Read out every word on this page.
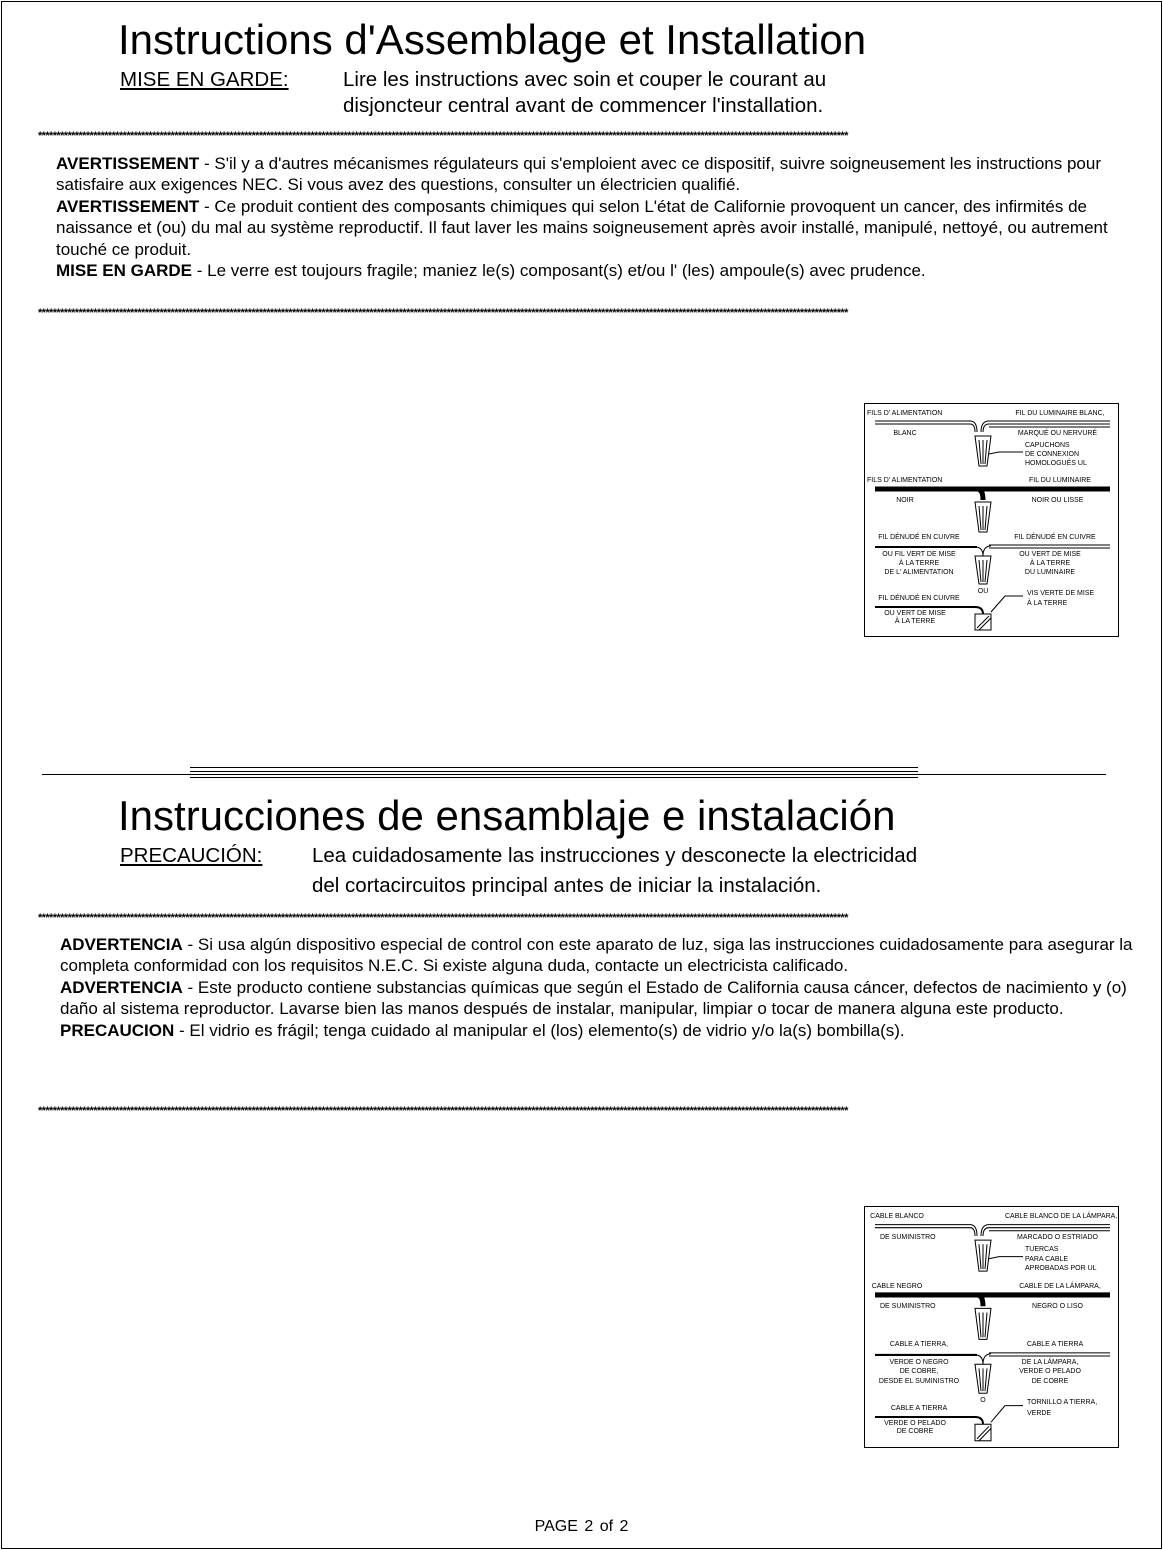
Instructions d'Assemblage et Installation
MISE EN GARDE:	Lire les instructions avec soin et couper le courant au
disjoncteur central avant de commencer l'installation.
****************************************************************************************************************************************************************************************************************************

AVERTISSEMENT - S'il y a d'autres mécanismes régulateurs qui s'emploient avec ce dispositif, suivre soigneusement les instructions pour satisfaire aux exigences NEC. Si vous avez des questions, consulter un électricien qualifié.

AVERTISSEMENT - Ce produit contient des composants chimiques qui selon L'état de Californie provoquent un cancer, des infirmités de naissance et (ou) du mal au système reproductif. Il faut laver les mains soigneusement après avoir installé, manipulé, nettoyé, ou autrement touché ce produit.

MISE EN GARDE - Le verre est toujours fragile; maniez le(s) composant(s) et/ou l' (les) ampoule(s) avec prudence.

****************************************************************************************************************************************************************************************************************************
FILS D' ALIMENTATION	FIL DU LUMINAIRE BLANC,
BLANC	MARQUÉ OU NERVURÉ
CAPUCHONS
DE CONNEXION
HOMOLOGUÉS UL
FILS D' ALIMENTATION	FIL DU LUMINAIRE
NOIR	NOIR OU LISSE
FIL DÉNUDÉ EN CUIVRE	FIL DÉNUDÉ EN CUIVRE
OU FIL VERT DE MISE
À LA TERRE
DE L' ALIMENTATION
OU VERT DE MISE
À LA TERRE
DU LUMINAIRE
OU
FIL DÉNUDÉ EN CUIVRE
OU VERT DE MISE
À LA TERRE
VIS VERTE DE MISE
À LA TERRE
Instrucciones de ensamblaje e instalación
PRECAUCIÓN: Lea cuidadosamente las instrucciones y desconecte la electricidad
del cortacircuitos principal antes de iniciar la instalación.
****************************************************************************************************************************************************************************************************************************

ADVERTENCIA - Si usa algún dispositivo especial de control con este aparato de luz, siga las instrucciones cuidadosamente para asegurar la completa conformidad con los requisitos N.E.C. Si existe alguna duda, contacte un electricista calificado.

ADVERTENCIA - Este producto contiene substancias químicas que según el Estado de California causa cáncer, defectos de nacimiento y (o) daño al sistema reproductor. Lavarse bien las manos después de instalar, manipular, limpiar o tocar de manera alguna este producto.

PRECAUCION - El vidrio es frágil; tenga cuidado al manipular el (los) elemento(s) de vidrio y/o la(s) bombilla(s).

****************************************************************************************************************************************************************************************************************************
CABLE BLANCO	CABLE BLANCO DE LA LÁMPARA,
DE SUMINISTRO	MARCADO O ESTRIADO
TUERCAS
PARA CABLE
APROBADAS POR UL
CABLE NEGRO	CABLE DE LA LÁMPARA,
DE SUMINISTRO	NEGRO O LISO
CABLE A TIERRA,	CABLE A TIERRA
VERDE O NEGRO
DE COBRE,
DESDE EL SUMINISTRO
DE LA LÁMPARA,
VERDE O PELADO
DE COBRE
O
CABLE A TIERRA
VERDE O PELADO
DE COBRE
TORNILLO A TIERRA,
VERDE
PAGE 2 of 2
